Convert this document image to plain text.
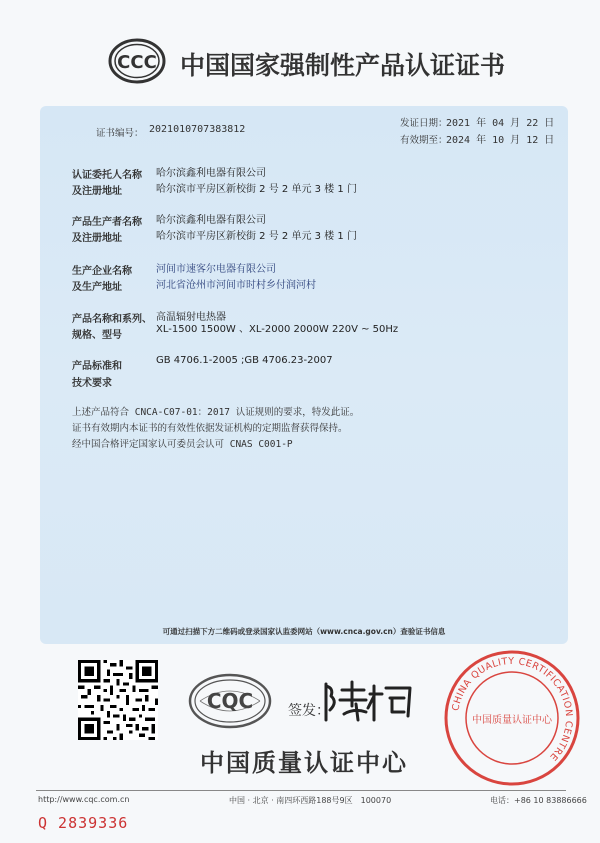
CCC 中国国家强制性产品认证证书
证书编号： 2021010707383812
发证日期：
2021 年 04 月 22 日
有效期至：
2024 年 10 月 12 日
认证委托人名称
及注册地址
哈尔滨鑫利电器有限公司
哈尔滨市平房区新校街 2 号 2 单元 3 楼 1 门
产品生产者名称
及注册地址
哈尔滨鑫利电器有限公司
哈尔滨市平房区新校街 2 号 2 单元 3 楼 1 门
生产企业名称
及生产地址
河间市速客尔电器有限公司
河北省沧州市河间市时村乡付润河村
产品名称和系列、
规格、型号
高温辐射电热器
XL-1500 1500W 、XL-2000 2000W 220V ~ 50Hz
产品标准和
技术要求
GB 4706.1-2005 ;GB 4706.23-2007
上述产品符合 CNCA-C07-01：2017 认证规则的要求，特发此证。
证书有效期内本证书的有效性依据发证机构的定期监督获得保持。
经中国合格评定国家认可委员会认可 CNAS C001-P
可通过扫描下方二维码或登录国家认监委网站（www.cnca.gov.cn）查验证书信息
CQC 签发：
中国质量认证中心
CHINA QUALITY CERTIFICATION CENTRE
中国质量认证中心
http://www.cqc.com.cn	中国 · 北京 · 南四环西路188号9区　100070	电话：+86 10 83886666
Q 2839336
